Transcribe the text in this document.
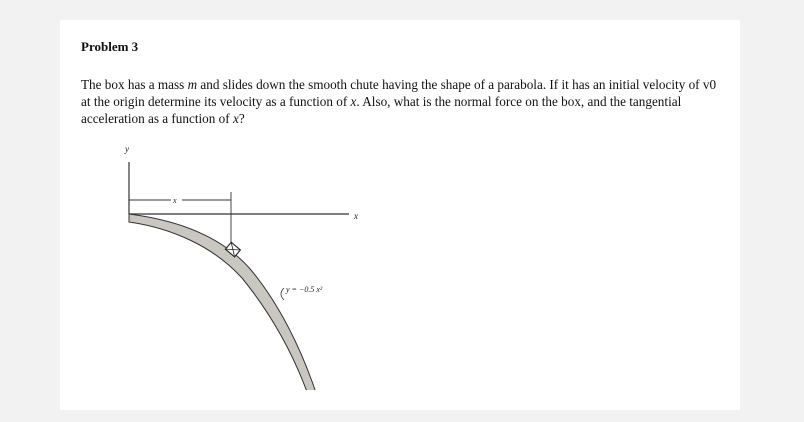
Problem 3

The box has a mass m and slides down the smooth chute having the shape of a parabola. If it has an initial velocity of v0 at the origin determine its velocity as a function of x. Also, what is the normal force on the box, and the tangential acceleration as a function of x?

y
x
x
y = −0.5 x²
